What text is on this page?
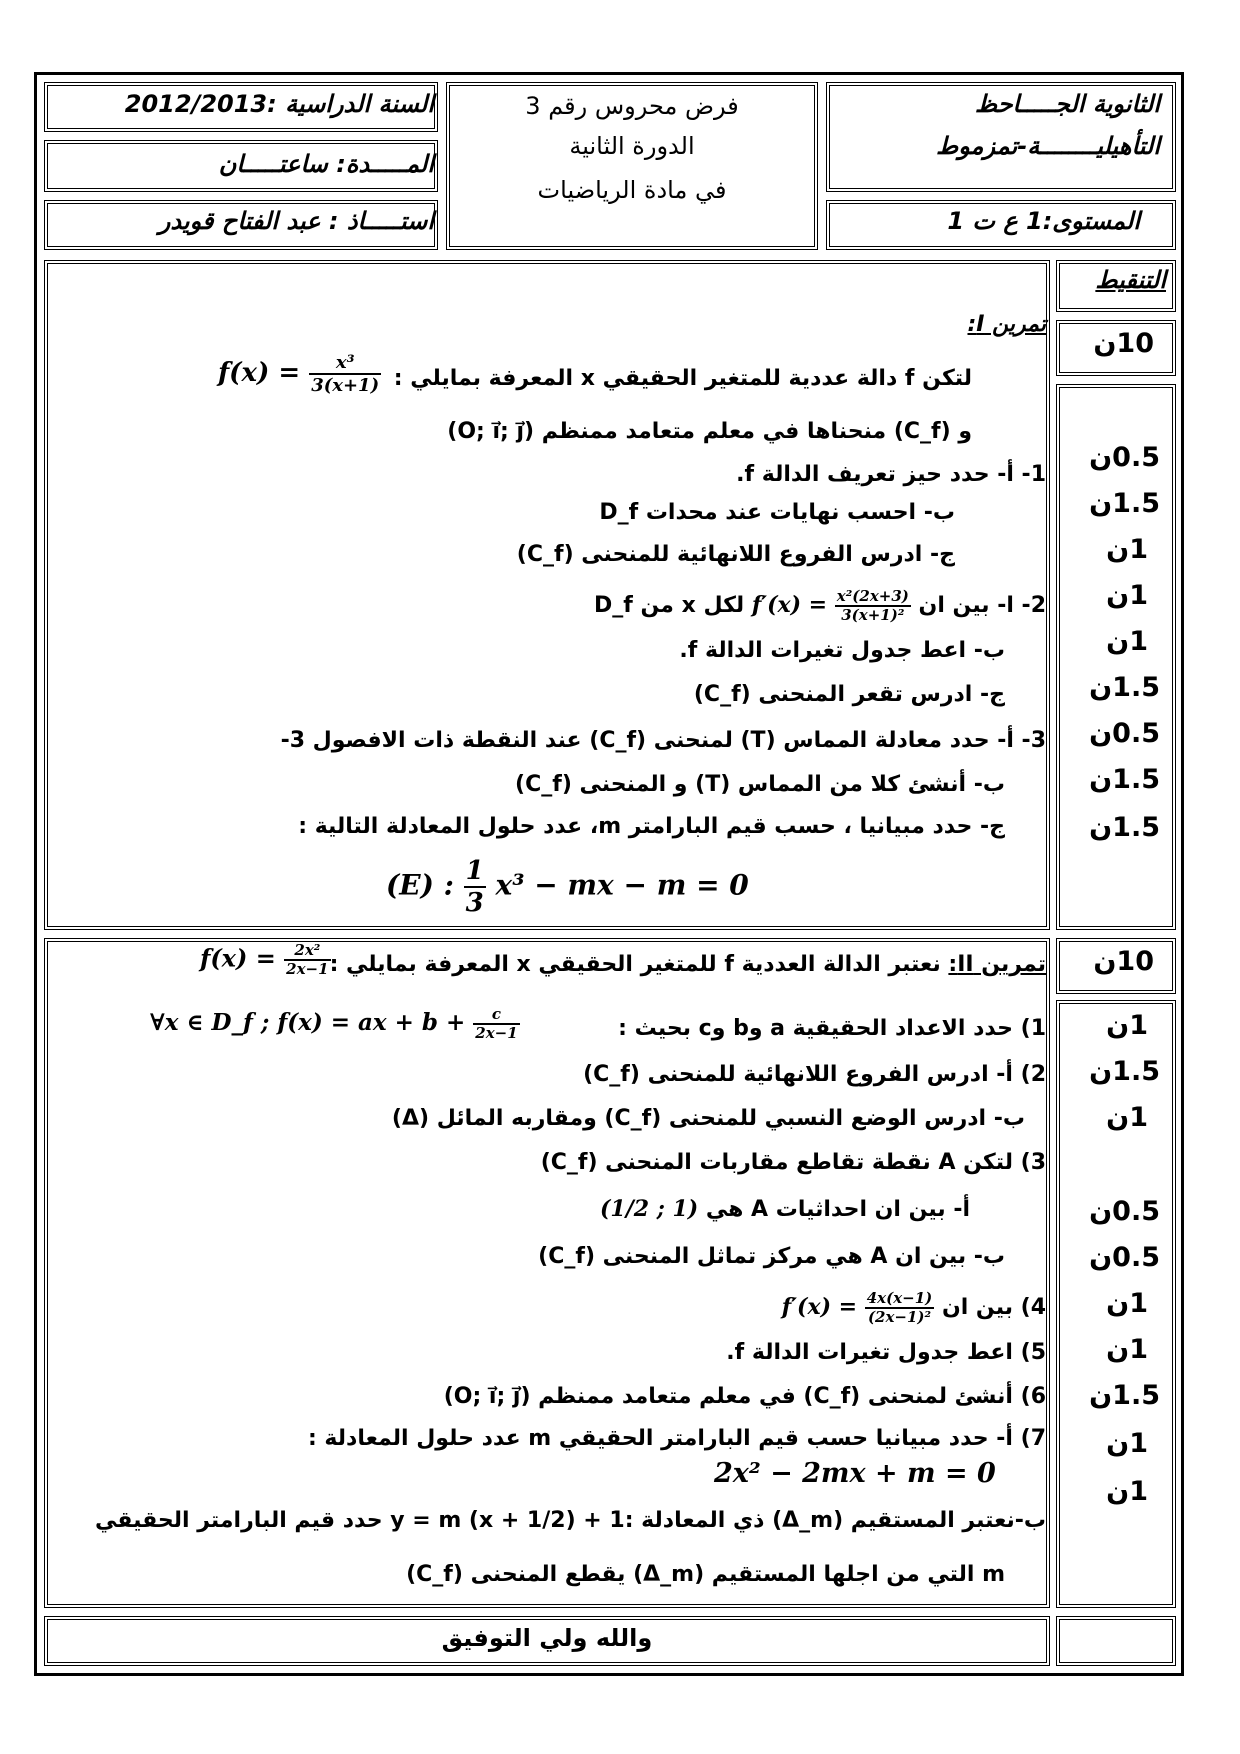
الثانوية الجـــــاحظ
التأهيليــــــــة-تمزموط
المستوى:1 ع ت 1
فرض محروس رقم 3
الدورة الثانية
في مادة الرياضيات
السنة الدراسية :2012/2013
المـــــدة: ساعتـــــان
استـــــاذ : عبد الفتاح قويدر
التنقيط
10ن
تمرين I:
لتكن f دالة عددية للمتغير الحقيقي x المعرفة بمايلي :
$f(x) = \frac{\text{x³}}{3(x+1)}$
و (C_f) منحناها في معلم متعامد ممنظم (O; i⃗; j⃗)
1- أ- حدد حيز تعريف الدالة f.
ب- احسب نهايات عند محدات D_f
ج- ادرس الفروع اللانهائية للمنحنى (C_f)
2- ا- بين ان $f'(x) = \frac{\text{x²(2x+3)}}{\text{3(x+1)²}}$
لكل x من D_f
ب- اعط جدول تغيرات الدالة f.
ج- ادرس تقعر المنحنى (C_f)
3- أ- حدد معادلة المماس (T) لمنحنى (C_f) عند النقطة ذات الافصول 3-
ب- أنشئ كلا من المماس (T) و المنحنى (C_f)
ج- حدد مبيانيا ، حسب قيم البارامتر m، عدد حلول المعادلة التالية :
(E) : $\frac{1}{3} x^3$ − mx − m = 0
0.5ن
1.5ن
1ن
1ن
1ن
1.5ن
0.5ن
1.5ن
1.5ن
10ن
تمرين II: نعتبر الدالة العددية f للمتغير الحقيقي x المعرفة بمايلي :
$f(x) = \frac{\text{2x²}}{2x-1}$
1) حدد الاعداد الحقيقية a وb وc بحيث :
∀x ∈ D_f ; f(x) = ax + $b + \frac{c}{2x-1}$
2) أ- ادرس الفروع اللانهائية للمنحنى (C_f)
ب- ادرس الوضع النسبي للمنحنى (C_f) ومقاربه المائل (Δ)
3) لتكن A نقطة تقاطع مقاربات المنحنى (C_f)
أ- بين ان احداثيات A هي (1/2 ; 1)
ب- بين ان A هي مركز تماثل المنحنى (C_f)
4) بين ان $f'(x) = \frac{4x(x-1)}{\text{(2x−1)²}}$
5) اعط جدول تغيرات الدالة f.
6) أنشئ لمنحنى (C_f) في معلم متعامد ممنظم (O; i⃗; j⃗)
7) أ- حدد مبيانيا حسب قيم البارامتر الحقيقي m عدد حلول المعادلة :
2x² − 2mx + m = 0
ب-نعتبر المستقيم (Δ_m) ذي المعادلة :1 + y = m (x + 1/2) حدد قيم البارامتر الحقيقي
m التي من اجلها المستقيم (Δ_m) يقطع المنحنى (C_f)
1ن
1.5ن
1ن
0.5ن
0.5ن
1ن
1ن
1.5ن
1ن
1ن
والله ولي التوفيق
